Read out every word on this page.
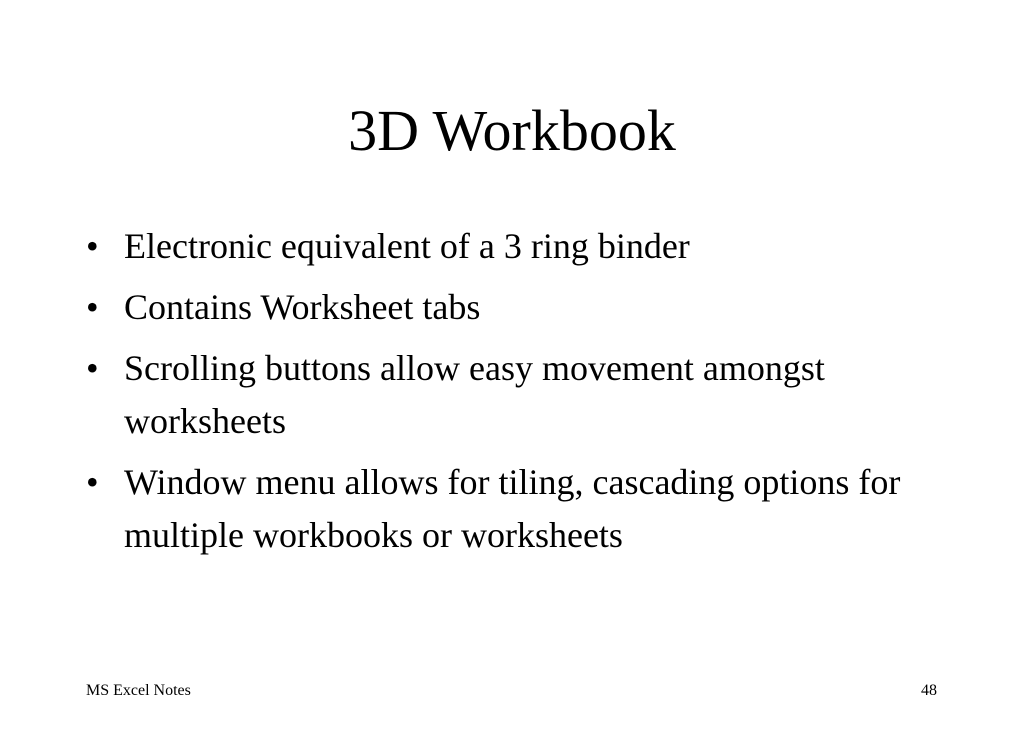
3D Workbook
• Electronic equivalent of a 3 ring binder
• Contains Worksheet tabs
• Scrolling buttons allow easy movement amongst worksheets
• Window menu allows for tiling, cascading options for multiple workbooks or worksheets
MS Excel Notes	48
